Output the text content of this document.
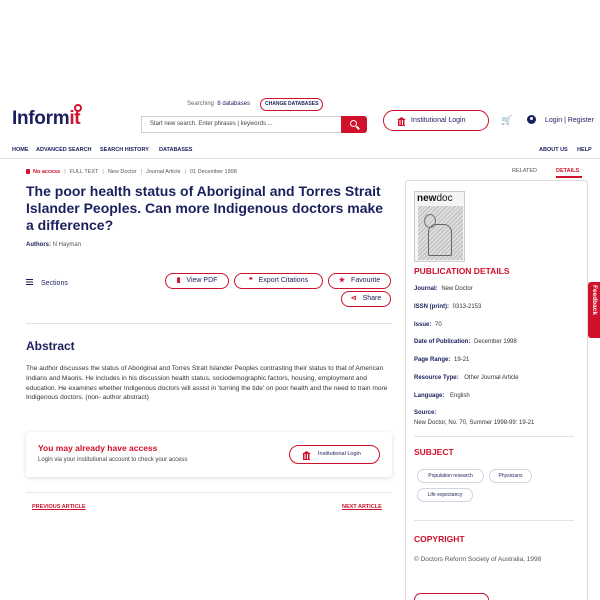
Informit
Searching 8 databases	CHANGE DATABASES
Start new search. Enter phrases | keywords ...	Institutional Login	🛒	Login | Register
HOME ADVANCED SEARCH SEARCH HISTORY DATABASES	ABOUT US HELP
No access | FULL TEXT | New Doctor | Journal Article | 01 December 1998
The poor health status of Aboriginal and Torres Strait Islander Peoples. Can more Indigenous doctors make a difference?
Authors: N Hayman
Sections	▮ View PDF	❝ Export Citations	★ Favourite
⊲ Share
Abstract
The author discusses the status of Aboriginal and Torres Strait Islander Peoples contrasting their status to that of American Indians and Maoris. He includes in his discussion health status, sociodemographic factors, housing, employment and education. He examines whether Indigenous doctors will assist in 'turning the tide' on poor health and the need to train more Indigenous doctors. (non- author abstract)
You may already have access
Login via your institutional account to check your access
Institutional Login
PREVIOUS ARTICLE	NEXT ARTICLE
RELATED	DETAILS
newdoc
PUBLICATION DETAILS
Journal: New Doctor
ISSN (print): 0313-2153
Issue: 70
Date of Publication: December 1998
Page Range: 19-21
Resource Type: Other Journal Article
Language: English
Source:
New Doctor, No. 70, Summer 1998-99: 19-21
SUBJECT
Population research	Physicians
Life expectancy
COPYRIGHT
© Doctors Reform Society of Australia, 1998
Feedback
